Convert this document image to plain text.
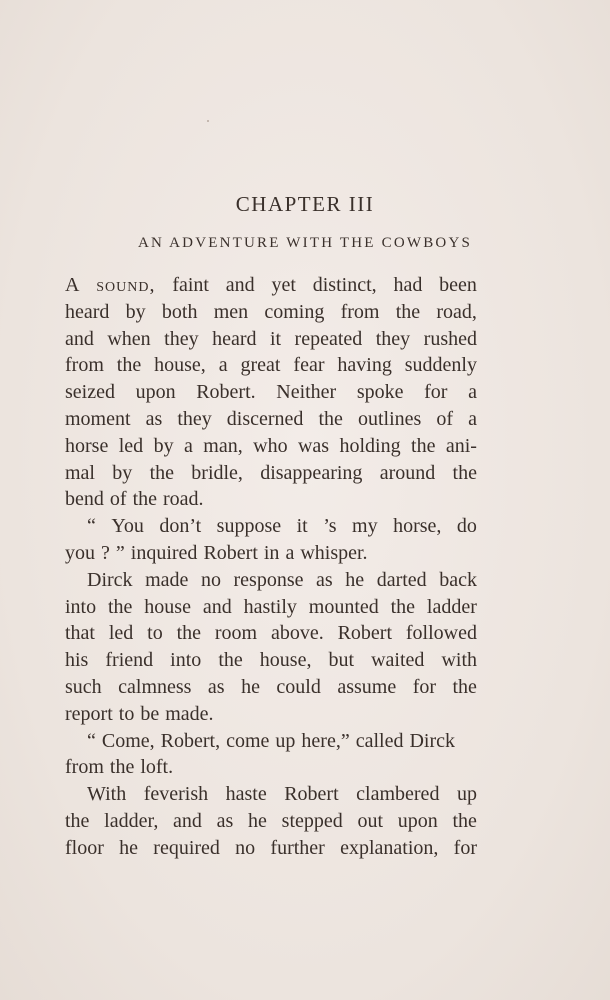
CHAPTER III
AN ADVENTURE WITH THE COWBOYS
A sound, faint and yet distinct, had been
heard by both men coming from the road,
and when they heard it repeated they rushed
from the house, a great fear having suddenly
seized upon Robert. Neither spoke for a
moment as they discerned the outlines of a
horse led by a man, who was holding the ani-
mal by the bridle, disappearing around the
bend of the road.
“ You don’t suppose it ’s my horse, do
you ? ” inquired Robert in a whisper.
Dirck made no response as he darted back
into the house and hastily mounted the ladder
that led to the room above. Robert followed
his friend into the house, but waited with
such calmness as he could assume for the
report to be made.
“ Come, Robert, come up here,” called Dirck
from the loft.
With feverish haste Robert clambered up
the ladder, and as he stepped out upon the
floor he required no further explanation, for
